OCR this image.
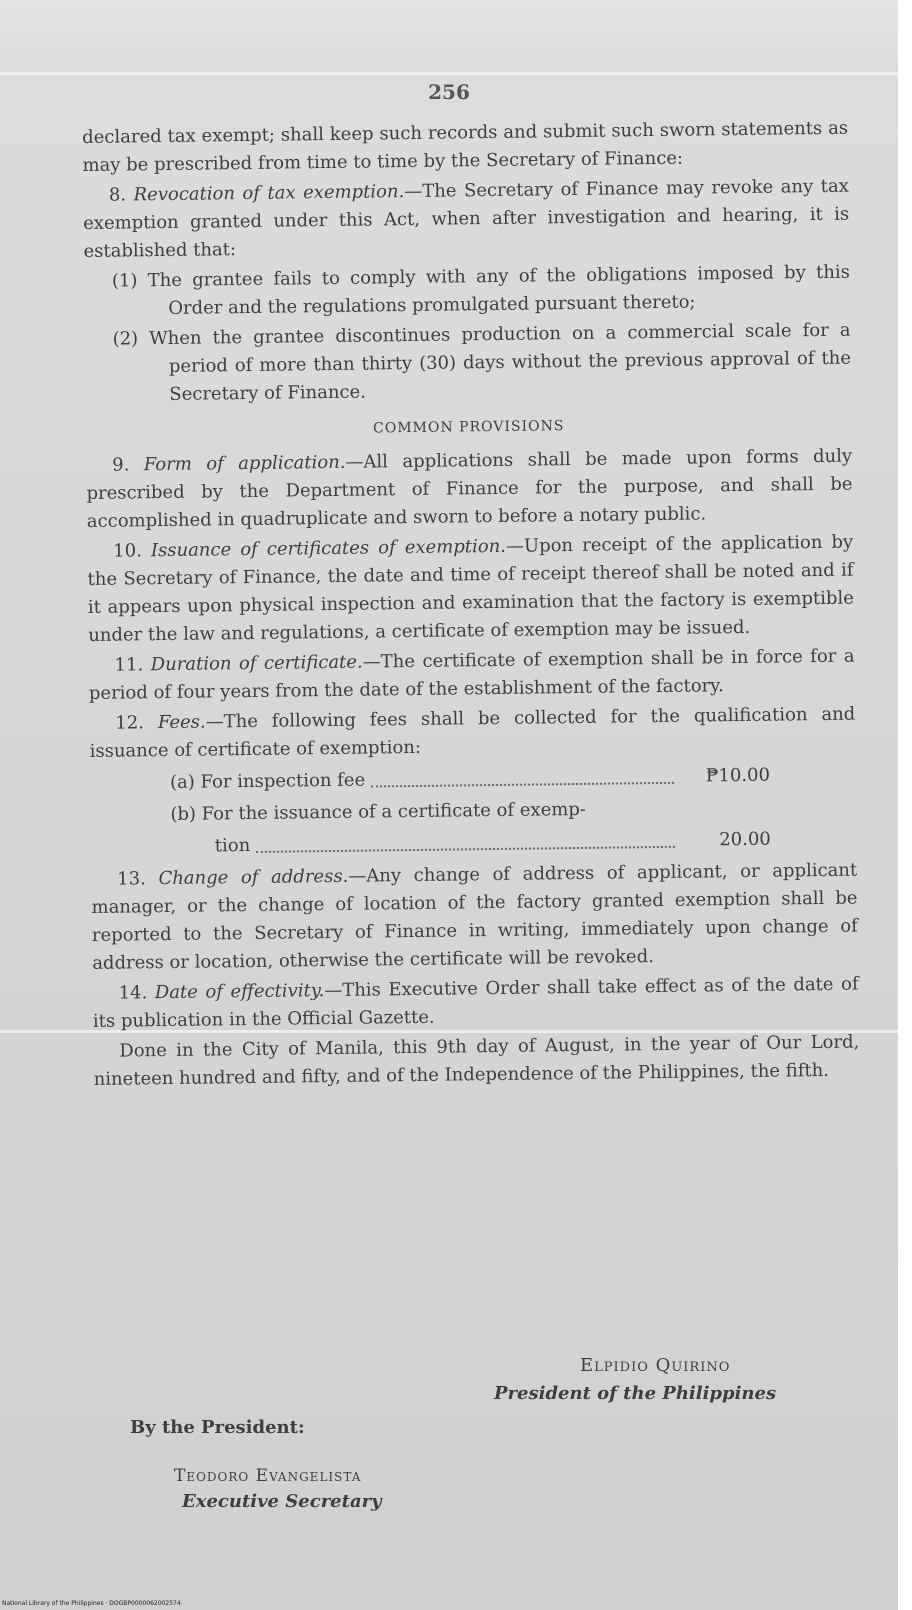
256

declared tax exempt; shall keep such records and submit such sworn statements as may be prescribed from time to time by the Secretary of Finance:

8. Revocation of tax exemption.—The Secretary of Finance may revoke any tax exemption granted under this Act, when after investigation and hearing, it is established that:

(1) The grantee fails to comply with any of the obligations imposed by this Order and the regulations promulgated pursuant thereto;

(2) When the grantee discontinues production on a commercial scale for a period of more than thirty (30) days without the previous approval of the Secretary of Finance.

COMMON PROVISIONS

9. Form of application.—All applications shall be made upon forms duly prescribed by the Department of Finance for the purpose, and shall be accomplished in quadruplicate and sworn to before a notary public.

10. Issuance of certificates of exemption.—Upon receipt of the application by the Secretary of Finance, the date and time of receipt thereof shall be noted and if it appears upon physical inspection and examination that the factory is exemptible under the law and regulations, a certificate of exemption may be issued.

11. Duration of certificate.—The certificate of exemption shall be in force for a period of four years from the date of the establishment of the factory.

12. Fees.—The following fees shall be collected for the qualification and issuance of certificate of exemption:

(a) For inspection fee	₱10.00
(b) For the issuance of a certificate of exemp-
tion	20.00

13. Change of address.—Any change of address of applicant, or applicant manager, or the change of location of the factory granted exemption shall be reported to the Secretary of Finance in writing, immediately upon change of address or location, otherwise the certificate will be revoked.

14. Date of effectivity.—This Executive Order shall take effect as of the date of its publication in the Official Gazette.

Done in the City of Manila, this 9th day of August, in the year of Our Lord, nineteen hundred and fifty, and of the Independence of the Philippines, the fifth.

Elpidio Quirino
President of the Philippines
By the President:
Teodoro Evangelista
Executive Secretary
National Library of the Philippines · DOGBP0000062002574
